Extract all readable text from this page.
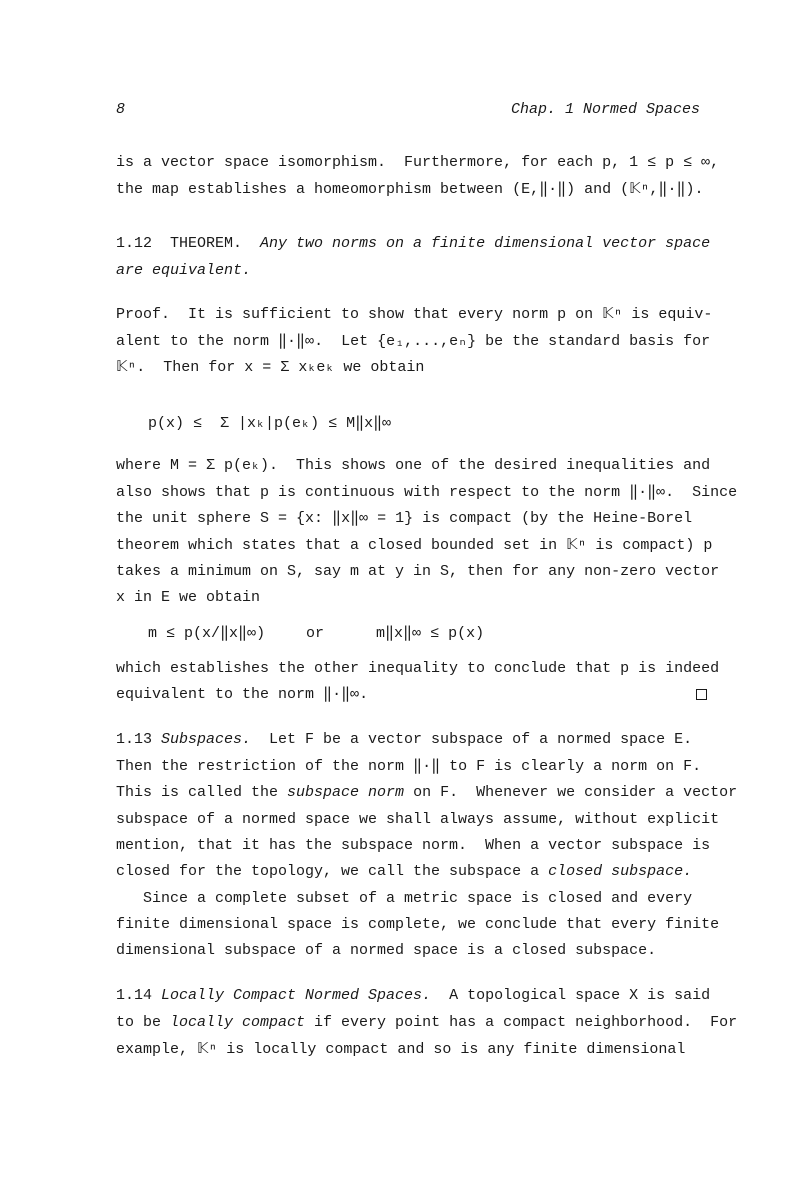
8	Chap. 1 Normed Spaces
is a vector space isomorphism.  Furthermore, for each p, 1 ≤ p ≤ ∞,
the map establishes a homeomorphism between (E,‖·‖) and (𝕂ⁿ,‖·‖).
1.12  THEOREM.  Any two norms on a finite dimensional vector space
are equivalent.
Proof.  It is sufficient to show that every norm p on 𝕂ⁿ is equiv-
alent to the norm ‖·‖∞.  Let {e₁,...,eₙ} be the standard basis for
𝕂ⁿ.  Then for x = Σ xₖeₖ we obtain
p(x) ≤  Σ |xₖ|p(eₖ) ≤ M‖x‖∞
where M = Σ p(eₖ).  This shows one of the desired inequalities and
also shows that p is continuous with respect to the norm ‖·‖∞.  Since
the unit sphere S = {x: ‖x‖∞ = 1} is compact (by the Heine-Borel
theorem which states that a closed bounded set in 𝕂ⁿ is compact) p
takes a minimum on S, say m at y in S, then for any non-zero vector
x in E we obtain
m ≤ p(x/‖x‖∞)	or	m‖x‖∞ ≤ p(x)
which establishes the other inequality to conclude that p is indeed
equivalent to the norm ‖·‖∞.
1.13 Subspaces.  Let F be a vector subspace of a normed space E.
Then the restriction of the norm ‖·‖ to F is clearly a norm on F.
This is called the subspace norm on F.  Whenever we consider a vector
subspace of a normed space we shall always assume, without explicit
mention, that it has the subspace norm.  When a vector subspace is
closed for the topology, we call the subspace a closed subspace.
Since a complete subset of a metric space is closed and every
finite dimensional space is complete, we conclude that every finite
dimensional subspace of a normed space is a closed subspace.
1.14 Locally Compact Normed Spaces.  A topological space X is said
to be locally compact if every point has a compact neighborhood.  For
example, 𝕂ⁿ is locally compact and so is any finite dimensional
